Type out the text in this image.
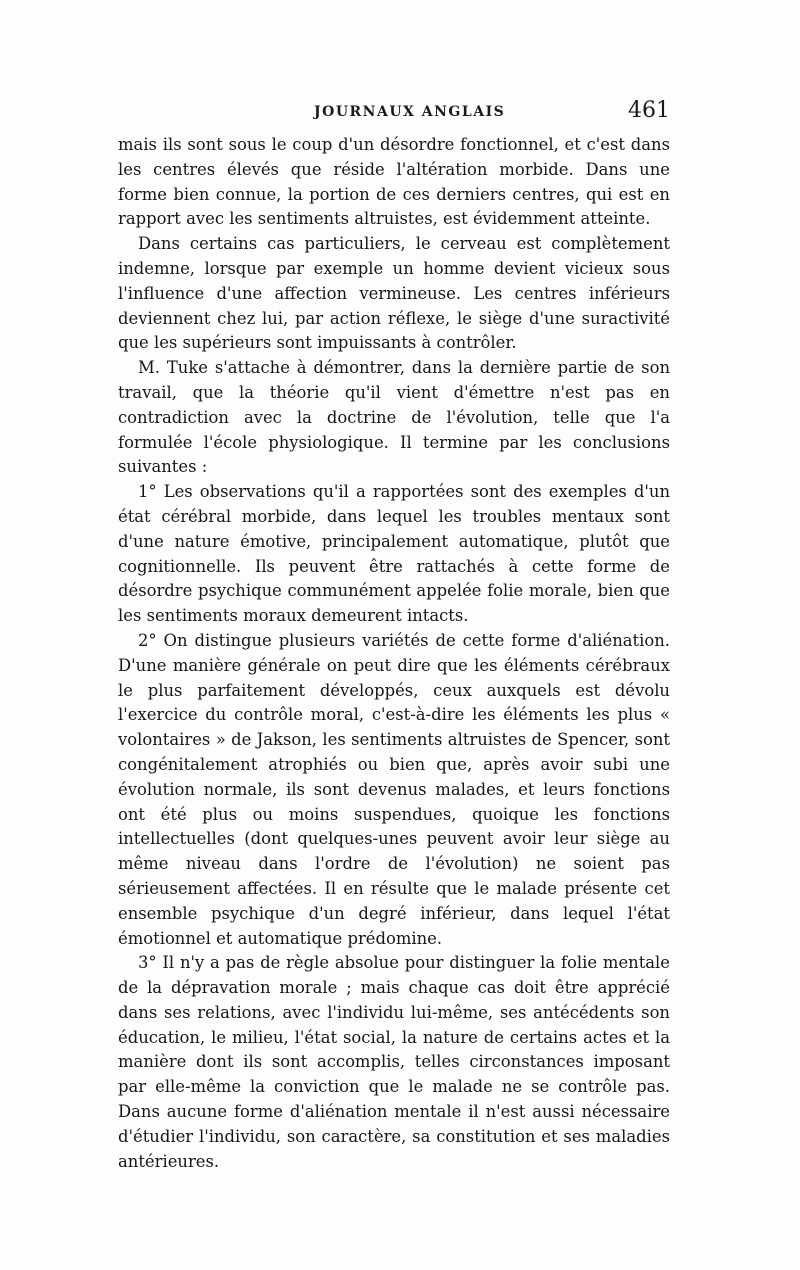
JOURNAUX ANGLAIS	461

mais ils sont sous le coup d'un désordre fonctionnel, et c'est dans les centres élevés que réside l'altération morbide. Dans une forme bien connue, la portion de ces derniers centres, qui est en rapport avec les sentiments altruistes, est évidemment atteinte.

Dans certains cas particuliers, le cerveau est complètement indemne, lorsque par exemple un homme devient vicieux sous l'influence d'une affection vermineuse. Les centres inférieurs deviennent chez lui, par action réflexe, le siège d'une suractivité que les supérieurs sont impuissants à contrôler.

M. Tuke s'attache à démontrer, dans la dernière partie de son travail, que la théorie qu'il vient d'émettre n'est pas en contradiction avec la doctrine de l'évolution, telle que l'a formulée l'école physiologique. Il termine par les conclusions suivantes :

1° Les observations qu'il a rapportées sont des exemples d'un état cérébral morbide, dans lequel les troubles mentaux sont d'une nature émotive, principalement automatique, plutôt que cognitionnelle. Ils peuvent être rattachés à cette forme de désordre psychique communément appelée folie morale, bien que les sentiments moraux demeurent intacts.

2° On distingue plusieurs variétés de cette forme d'aliénation. D'une manière générale on peut dire que les éléments cérébraux le plus parfaitement développés, ceux auxquels est dévolu l'exercice du contrôle moral, c'est-à-dire les éléments les plus « volontaires » de Jakson, les sentiments altruistes de Spencer, sont congénitalement atrophiés ou bien que, après avoir subi une évolution normale, ils sont devenus malades, et leurs fonctions ont été plus ou moins suspendues, quoique les fonctions intellectuelles (dont quelques-unes peuvent avoir leur siège au même niveau dans l'ordre de l'évolution) ne soient pas sérieusement affectées. Il en résulte que le malade présente cet ensemble psychique d'un degré inférieur, dans lequel l'état émotionnel et automatique prédomine.

3° Il n'y a pas de règle absolue pour distinguer la folie mentale de la dépravation morale ; mais chaque cas doit être apprécié dans ses relations, avec l'individu lui-même, ses antécédents son éducation, le milieu, l'état social, la nature de certains actes et la manière dont ils sont accomplis, telles circonstances imposant par elle-même la conviction que le malade ne se contrôle pas. Dans aucune forme d'aliénation mentale il n'est aussi nécessaire d'étudier l'individu, son caractère, sa constitution et ses maladies antérieures.
